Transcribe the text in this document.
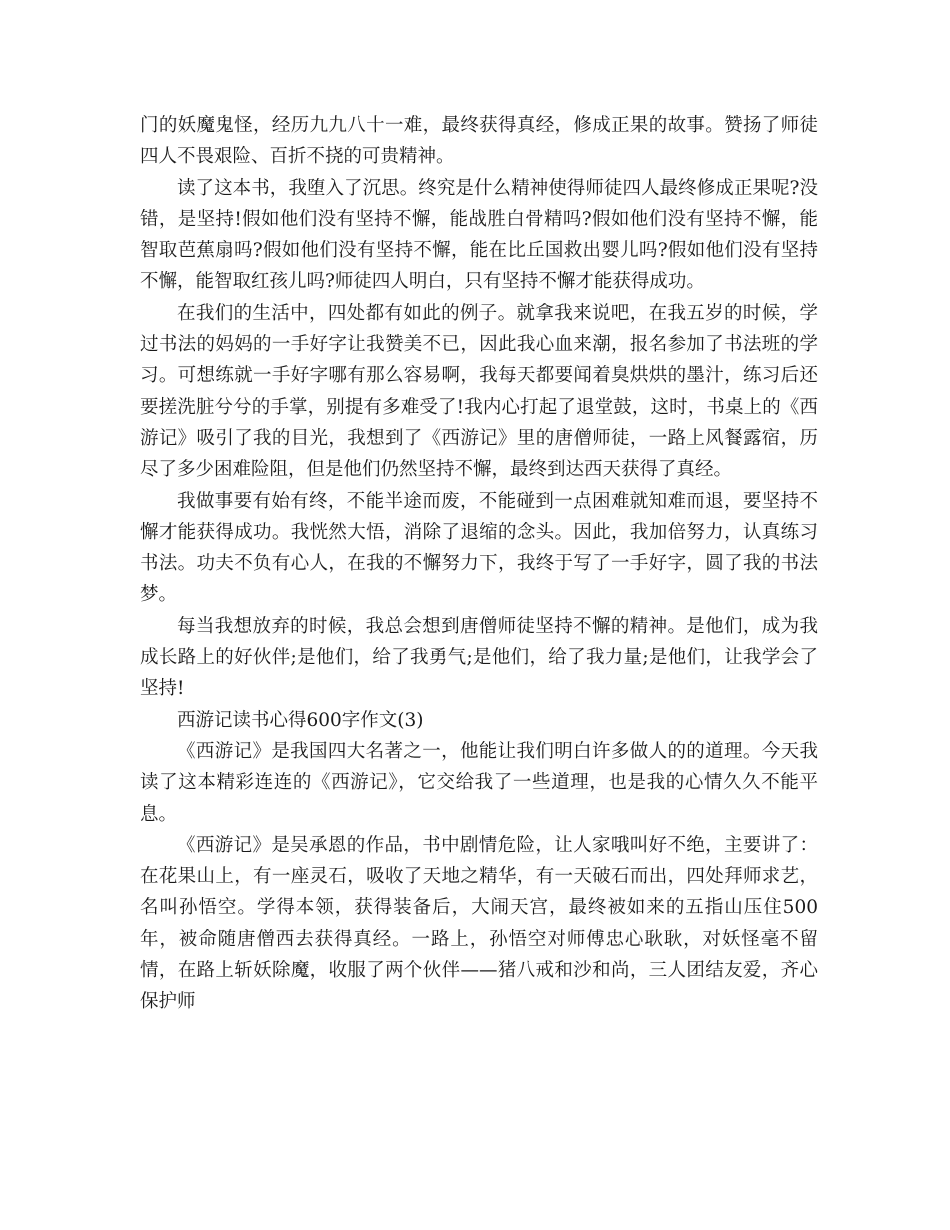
门的妖魔鬼怪，经历九九八十一难，最终获得真经，修成正果的故事。赞扬了师徒四人不畏艰险、百折不挠的可贵精神。

读了这本书，我堕入了沉思。终究是什么精神使得师徒四人最终修成正果呢?没错，是坚持!假如他们没有坚持不懈，能战胜白骨精吗?假如他们没有坚持不懈，能智取芭蕉扇吗?假如他们没有坚持不懈，能在比丘国救出婴儿吗?假如他们没有坚持不懈，能智取红孩儿吗?师徒四人明白，只有坚持不懈才能获得成功。

在我们的生活中，四处都有如此的例子。就拿我来说吧，在我五岁的时候，学过书法的妈妈的一手好字让我赞美不已，因此我心血来潮，报名参加了书法班的学习。可想练就一手好字哪有那么容易啊，我每天都要闻着臭烘烘的墨汁，练习后还要搓洗脏兮兮的手掌，别提有多难受了!我内心打起了退堂鼓，这时，书桌上的《西游记》吸引了我的目光，我想到了《西游记》里的唐僧师徒，一路上风餐露宿，历尽了多少困难险阻，但是他们仍然坚持不懈，最终到达西天获得了真经。

我做事要有始有终，不能半途而废，不能碰到一点困难就知难而退，要坚持不懈才能获得成功。我恍然大悟，消除了退缩的念头。因此，我加倍努力，认真练习书法。功夫不负有心人，在我的不懈努力下，我终于写了一手好字，圆了我的书法梦。

每当我想放弃的时候，我总会想到唐僧师徒坚持不懈的精神。是他们，成为我成长路上的好伙伴;是他们，给了我勇气;是他们，给了我力量;是他们，让我学会了坚持!

西游记读书心得600字作文(3)

《西游记》是我国四大名著之一，他能让我们明白许多做人的的道理。今天我读了这本精彩连连的《西游记》，它交给我了一些道理，也是我的心情久久不能平息。

《西游记》是吴承恩的作品，书中剧情危险，让人家哦叫好不绝，主要讲了：在花果山上，有一座灵石，吸收了天地之精华，有一天破石而出，四处拜师求艺，名叫孙悟空。学得本领，获得装备后，大闹天宫，最终被如来的五指山压住500年，被命随唐僧西去获得真经。一路上，孙悟空对师傅忠心耿耿，对妖怪毫不留情，在路上斩妖除魔，收服了两个伙伴——猪八戒和沙和尚，三人团结友爱，齐心保护师
